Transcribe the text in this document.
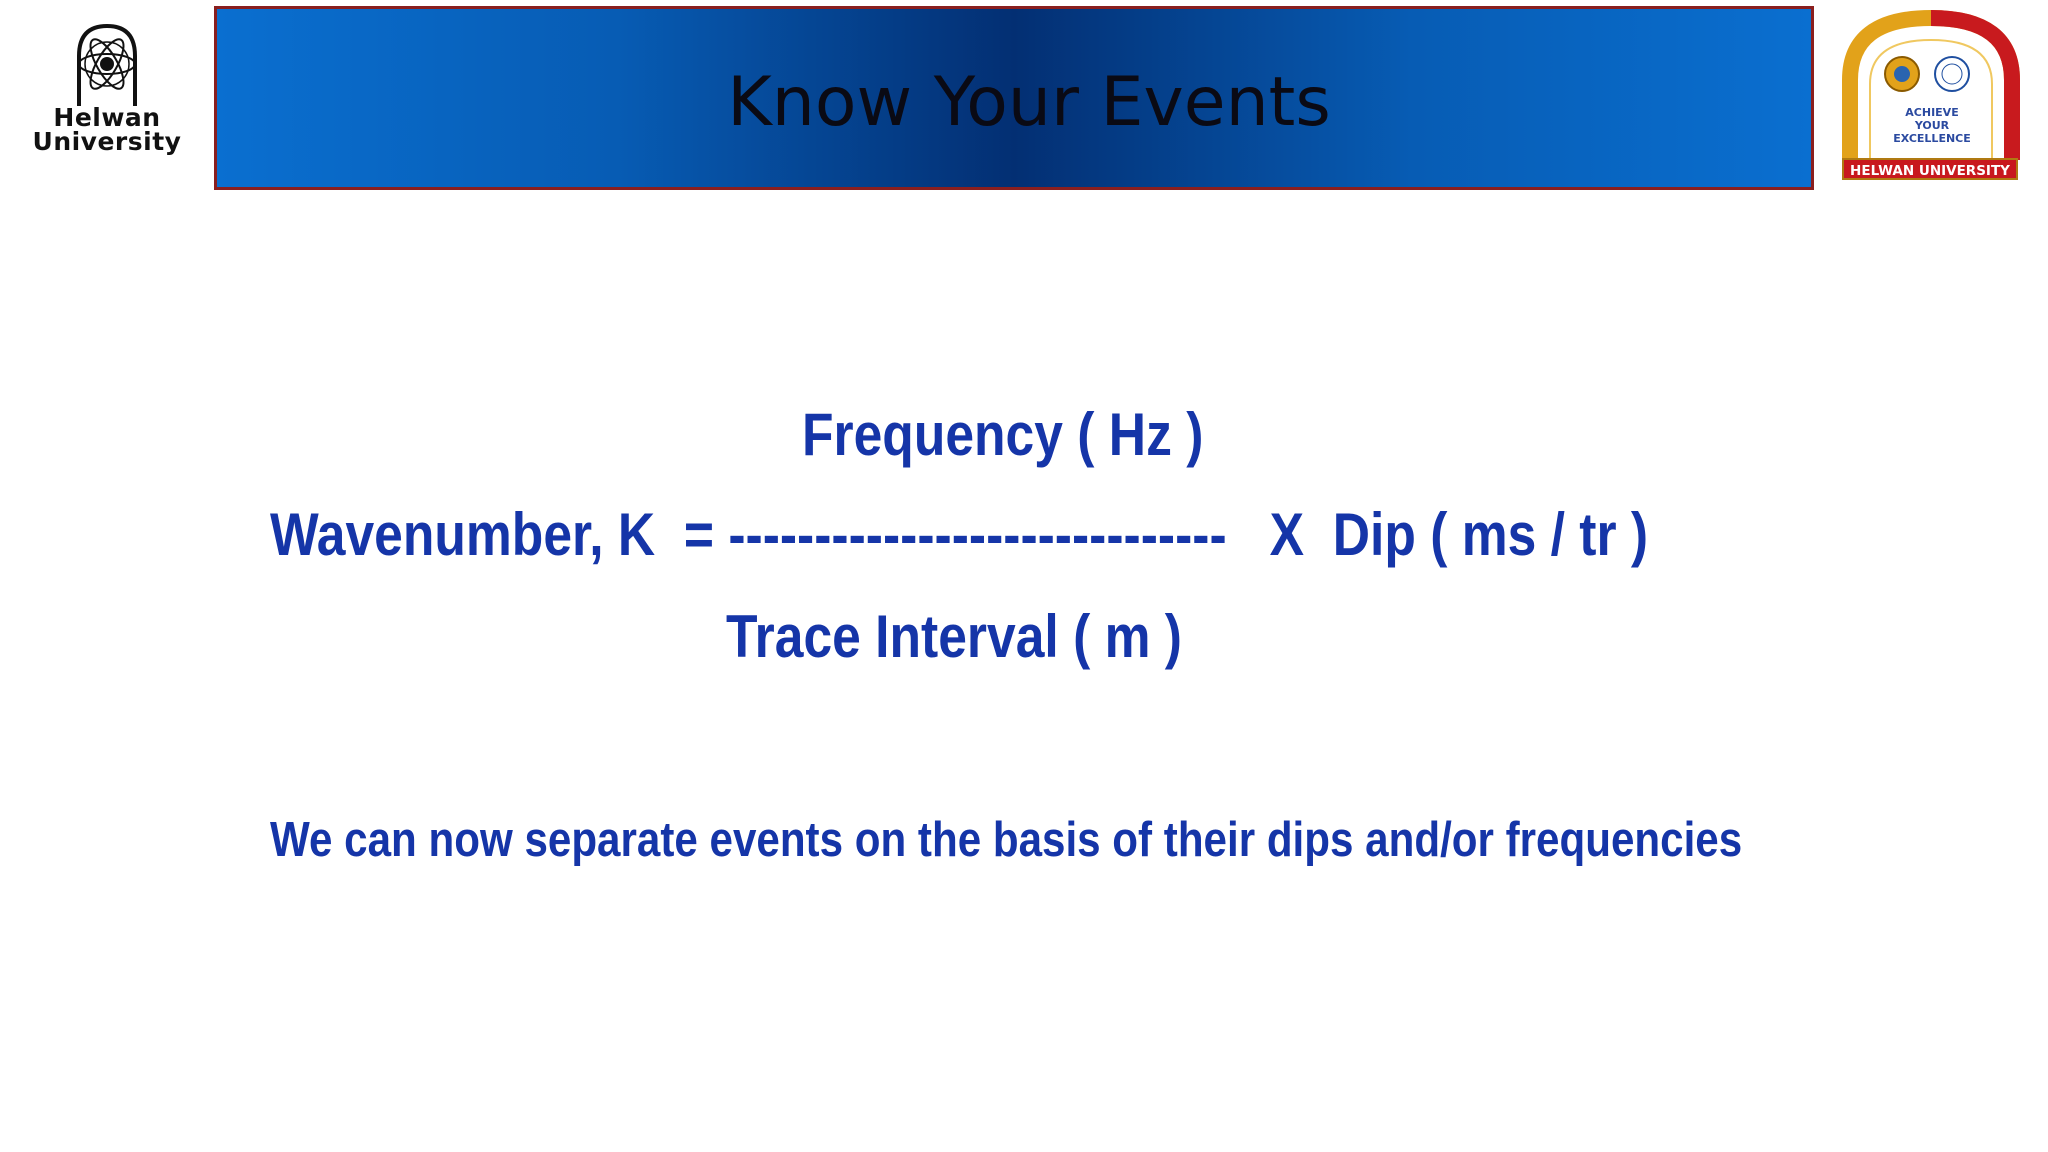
Helwan
University	Know Your Events	ACHIEVE
YOUR
EXCELLENCE
HELWAN UNIVERSITY
Frequency ( Hz )
Wavenumber, K  = -----------------------------   X  Dip ( ms / tr )
Trace Interval ( m )
We can now separate events on the basis of their dips and/or frequencies
